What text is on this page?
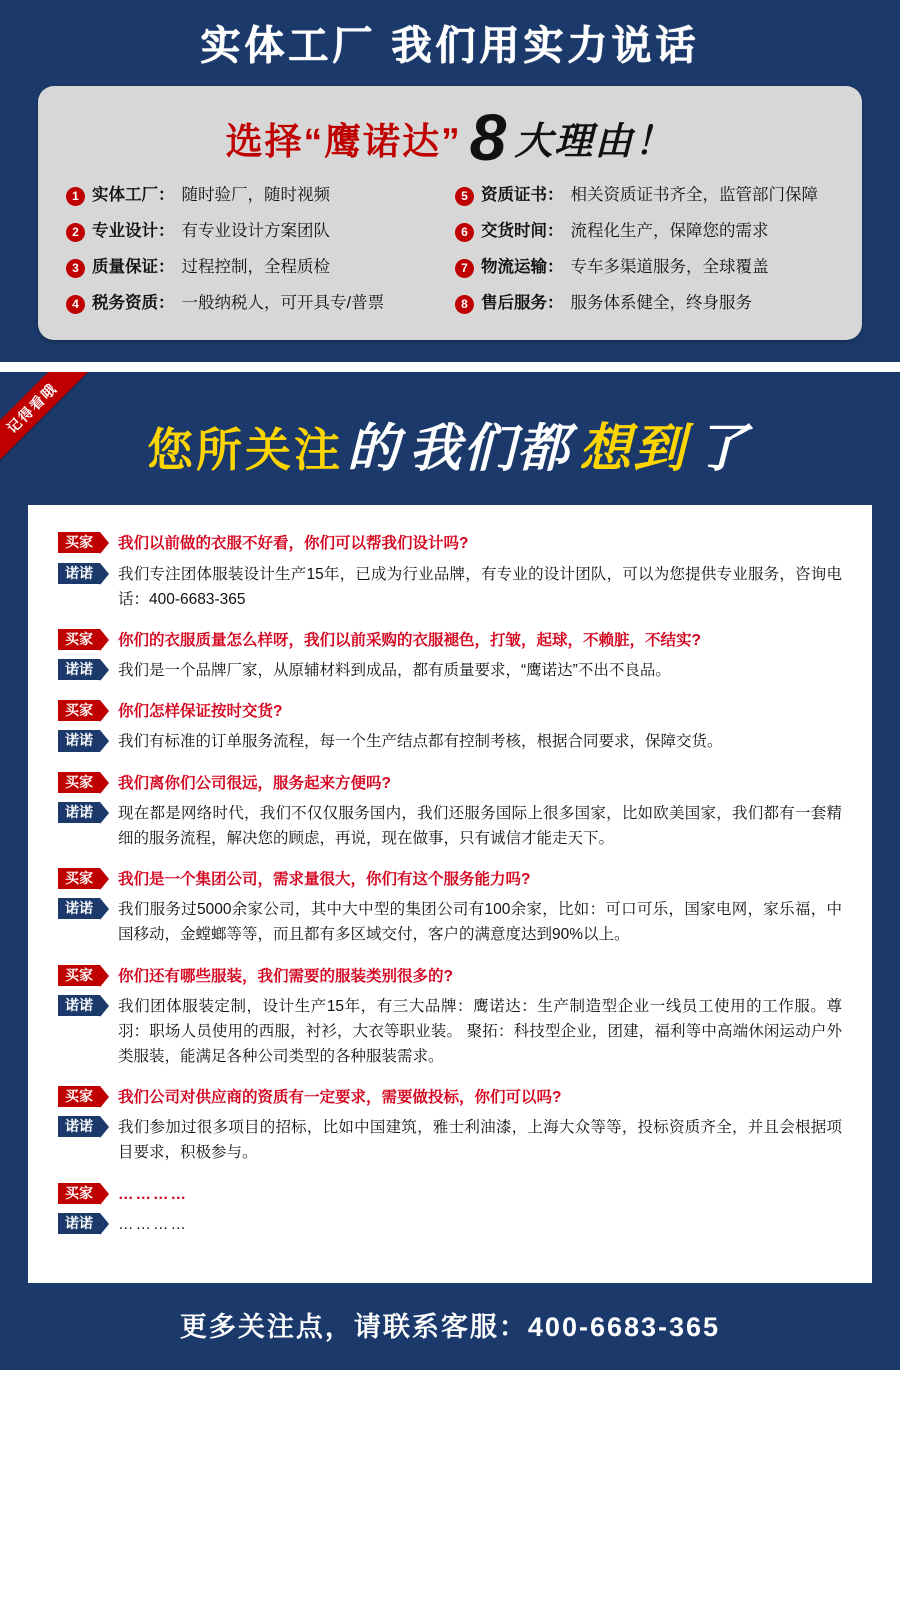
实体工厂 我们用实力说话
选择“鹰诺达” 8 大理由！
1 实体工厂： 随时验厂，随时视频	5 资质证书： 相关资质证书齐全，监管部门保障
2 专业设计： 有专业设计方案团队	6 交货时间： 流程化生产，保障您的需求
3 质量保证： 过程控制，全程质检	7 物流运输： 专车多渠道服务，全球覆盖
4 税务资质： 一般纳税人，可开具专/普票	8 售后服务： 服务体系健全，终身服务
记得看哦
您所关注的 我们都 想到 了
买家	我们以前做的衣服不好看，你们可以帮我们设计吗?
诺诺	我们专注团体服装设计生产15年，已成为行业品牌，有专业的设计团队，可以为您提供专业服务，咨询电话：400-6683-365
买家	你们的衣服质量怎么样呀，我们以前采购的衣服褪色，打皱，起球，不赖脏，不结实?
诺诺	我们是一个品牌厂家，从原辅材料到成品，都有质量要求，“鹰诺达”不出不良品。
买家	你们怎样保证按时交货?
诺诺	我们有标准的订单服务流程，每一个生产结点都有控制考核，根据合同要求，保障交货。
买家	我们离你们公司很远，服务起来方便吗?
诺诺	现在都是网络时代，我们不仅仅服务国内，我们还服务国际上很多国家，比如欧美国家，我们都有一套精细的服务流程，解决您的顾虑，再说，现在做事，只有诚信才能走天下。
买家	我们是一个集团公司，需求量很大，你们有这个服务能力吗?
诺诺	我们服务过5000余家公司，其中大中型的集团公司有100余家，比如：可口可乐，国家电网，家乐福，中国移动，金螳螂等等，而且都有多区域交付，客户的满意度达到90%以上。
买家	你们还有哪些服装，我们需要的服装类别很多的?
诺诺	我们团体服装定制，设计生产15年，有三大品牌：鹰诺达：生产制造型企业一线员工使用的工作服。尊羽：职场人员使用的西服，衬衫，大衣等职业装。 聚拓：科技型企业，团建，福利等中高端休闲运动户外类服装，能满足各种公司类型的各种服装需求。
买家	我们公司对供应商的资质有一定要求，需要做投标，你们可以吗?
诺诺	我们参加过很多项目的招标，比如中国建筑，雅士利油漆，上海大众等等，投标资质齐全，并且会根据项目要求，积极参与。
买家	…………
诺诺	…………
更多关注点，请联系客服：400-6683-365
